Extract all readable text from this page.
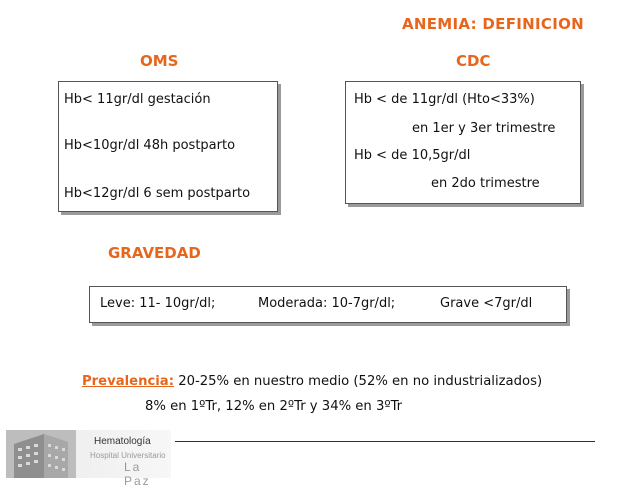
ANEMIA: DEFINICION
OMS	CDC
Hb< 11gr/dl gestación
Hb<10gr/dl 48h postparto
Hb<12gr/dl 6 sem postparto
Hb < de 11gr/dl (Hto<33%)
en 1er y 3er trimestre
Hb < de 10,5gr/dl
en 2do trimestre
GRAVEDAD
Leve: 11- 10gr/dl;	Moderada: 10-7gr/dl;	Grave <7gr/dl
Prevalencia: 20-25% en nuestro medio (52% en no industrializados)
8% en 1ºTr, 12% en 2ºTr y 34% en 3ºTr
Hematología
Hospital Universitario
La Paz
